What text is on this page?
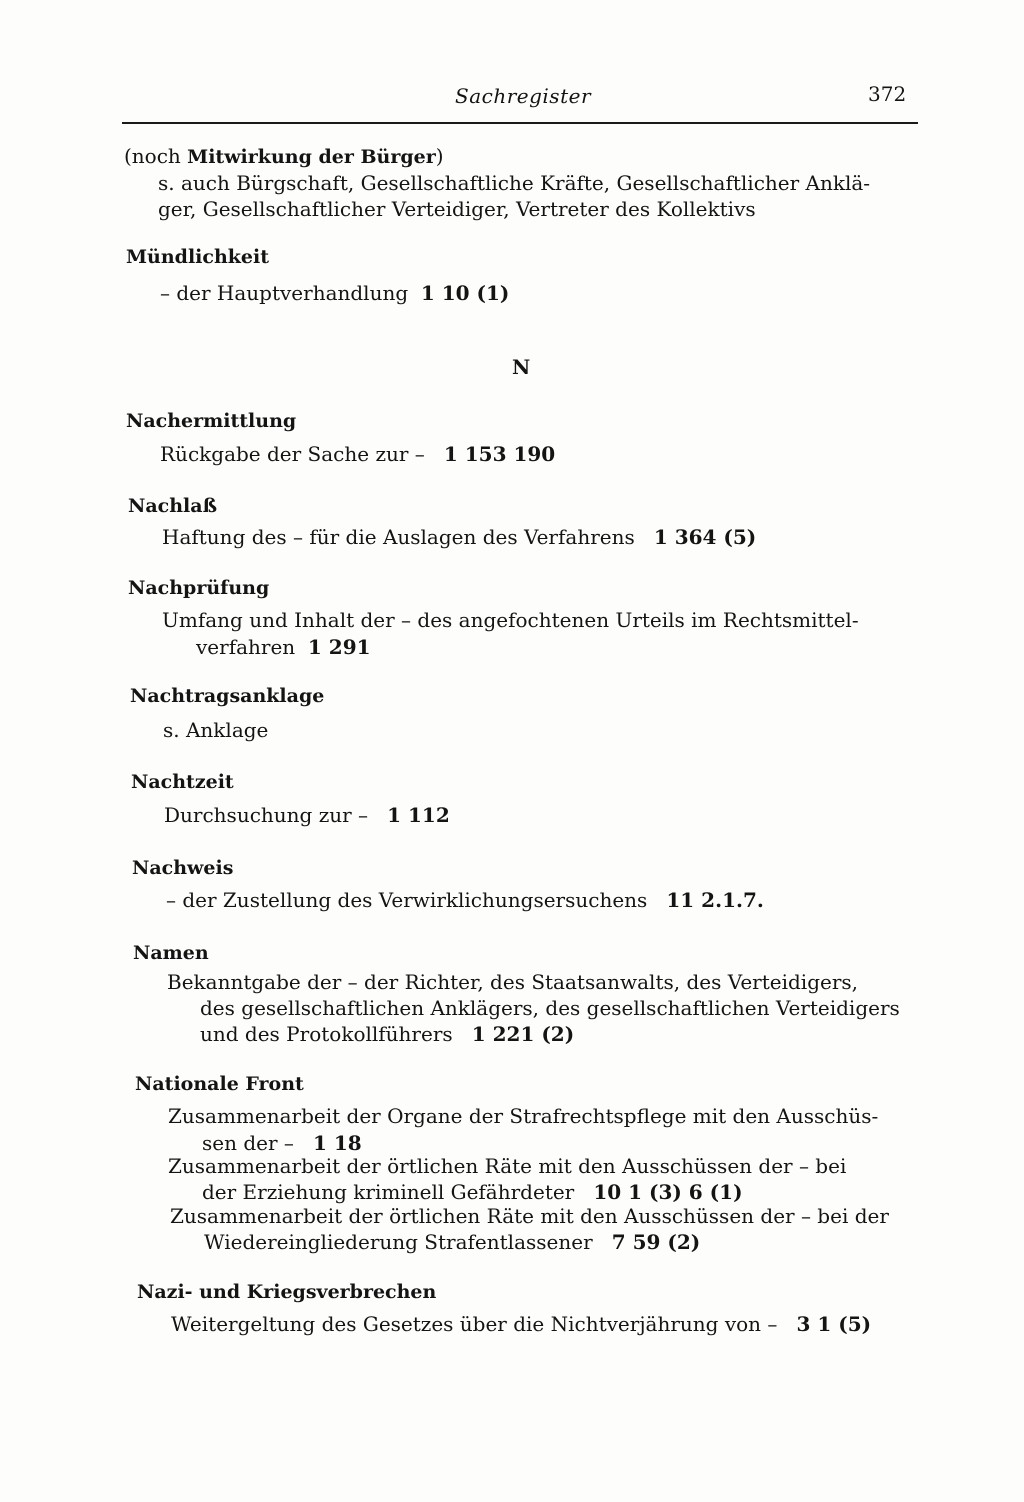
Sachregister	372
(noch Mitwirkung der Bürger)
s. auch Bürgschaft, Gesellschaftliche Kräfte, Gesellschaftlicher Anklä-
ger, Gesellschaftlicher Verteidiger, Vertreter des Kollektivs
Mündlichkeit
– der Hauptverhandlung 1 10 (1)
N
Nachermittlung
Rückgabe der Sache zur – 1 153 190
Nachlaß
Haftung des – für die Auslagen des Verfahrens 1 364 (5)
Nachprüfung
Umfang und Inhalt der – des angefochtenen Urteils im Rechtsmittel-
verfahren 1 291
Nachtragsanklage
s. Anklage
Nachtzeit
Durchsuchung zur – 1 112
Nachweis
– der Zustellung des Verwirklichungsersuchens 11 2.1.7.
Namen
Bekanntgabe der – der Richter, des Staatsanwalts, des Verteidigers,
des gesellschaftlichen Anklägers, des gesellschaftlichen Verteidigers
und des Protokollführers 1 221 (2)
Nationale Front
Zusammenarbeit der Organe der Strafrechtspflege mit den Ausschüs-
sen der – 1 18
Zusammenarbeit der örtlichen Räte mit den Ausschüssen der – bei
der Erziehung kriminell Gefährdeter 10 1 (3) 6 (1)
Zusammenarbeit der örtlichen Räte mit den Ausschüssen der – bei der
Wiedereingliederung Strafentlassener 7 59 (2)
Nazi- und Kriegsverbrechen
Weitergeltung des Gesetzes über die Nichtverjährung von – 3 1 (5)
